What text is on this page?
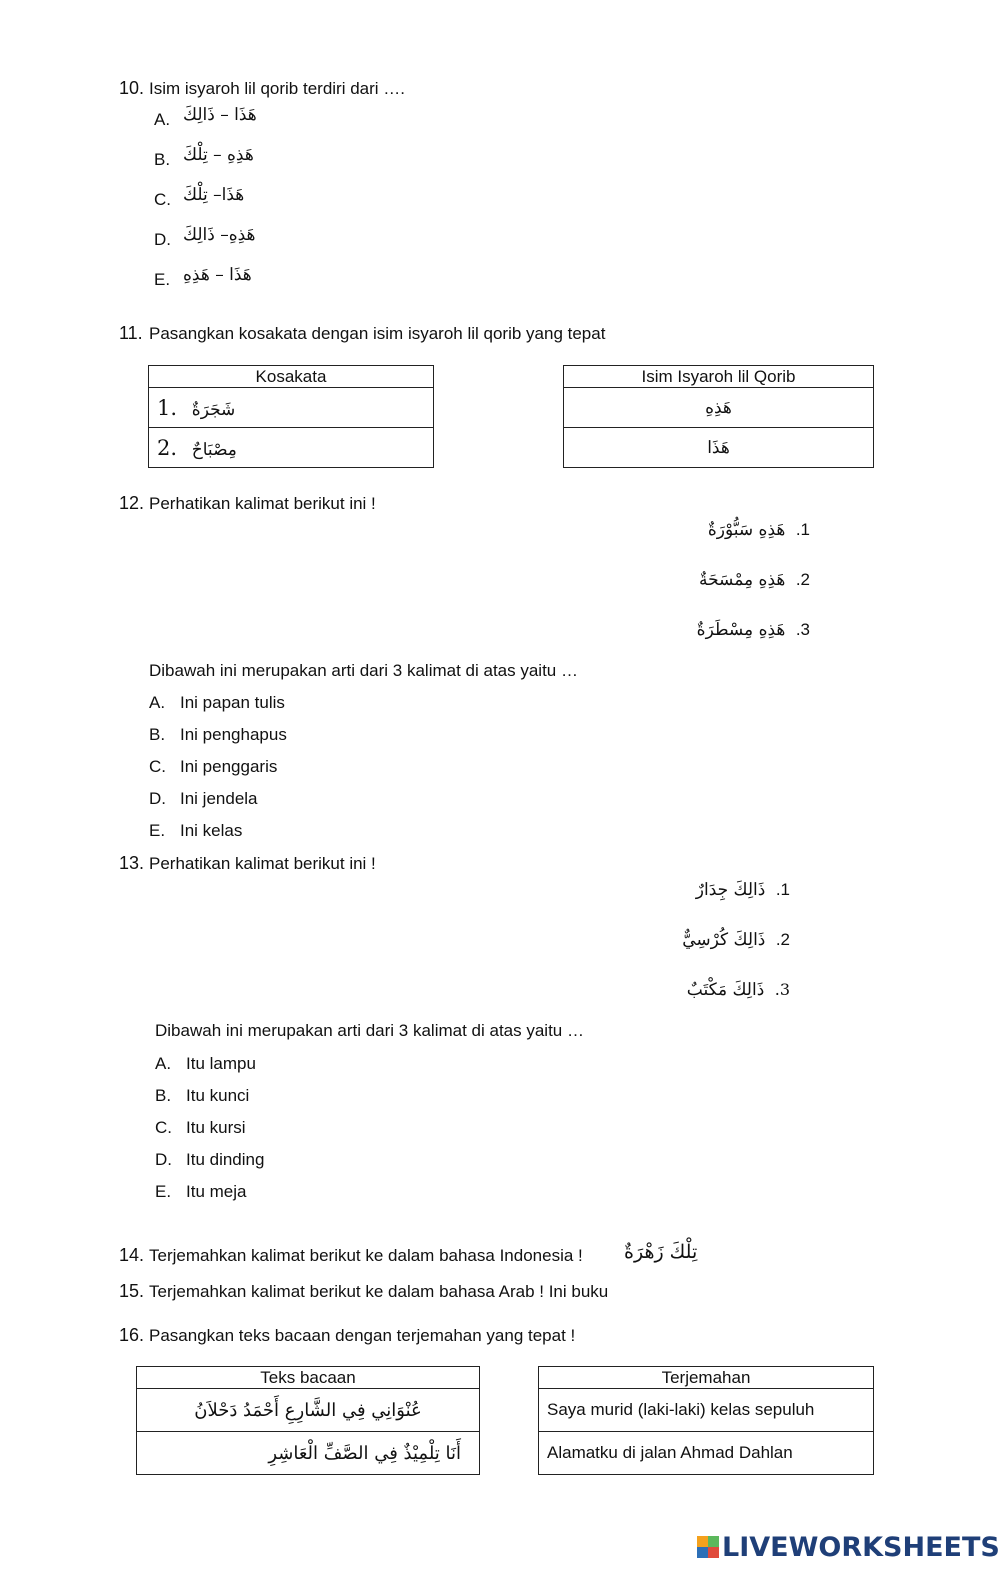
10. Isim isyaroh lil qorib terdiri dari ….
A. هَذَا – ذَالِكَ
B. هَذِهِ – تِلْكَ
C. هَذَا– تِلْكَ
D. هَذِهِ– ذَالِكَ
E. هَذَا – هَذِهِ
11. Pasangkan kosakata dengan isim isyaroh lil qorib yang tepat
Kosakata
1. شَجَرَةٌ
2. مِصْبَاحٌ
Isim Isyaroh lil Qorib
هَذِهِ
هَذَا
12. Perhatikan kalimat berikut ini !
هَذِهِ سَبُّوْرَةٌ .1
هَذِهِ مِمْسَحَةٌ .2
هَذِهِ مِسْطَرَةٌ .3
Dibawah ini merupakan arti dari 3 kalimat di atas yaitu …
A. Ini papan tulis
B. Ini penghapus
C. Ini penggaris
D. Ini jendela
E. Ini kelas
13. Perhatikan kalimat berikut ini !
ذَالِكَ جِدَارٌ .1
ذَالِكَ كُرْسِيٌّ .2
ذَالِكَ مَكْتَبٌ .3
Dibawah ini merupakan arti dari 3 kalimat di atas yaitu …
A. Itu lampu
B. Itu kunci
C. Itu kursi
D. Itu dinding
E. Itu meja
14. Terjemahkan kalimat berikut ke dalam bahasa Indonesia ! تِلْكَ زَهْرَةٌ
15. Terjemahkan kalimat berikut ke dalam bahasa Arab ! Ini buku
16. Pasangkan teks bacaan dengan terjemahan yang tepat !
Teks bacaan
عُنْوَانِي فِي الشَّارِعِ أَحْمَدُ دَحْلاَنُ
أَنَا تِلْمِيْذٌ فِي الصَّفِّ الْعَاشِرِ
Terjemahan
Saya murid (laki-laki) kelas sepuluh
Alamatku di jalan Ahmad Dahlan
LIVEWORKSHEETS
